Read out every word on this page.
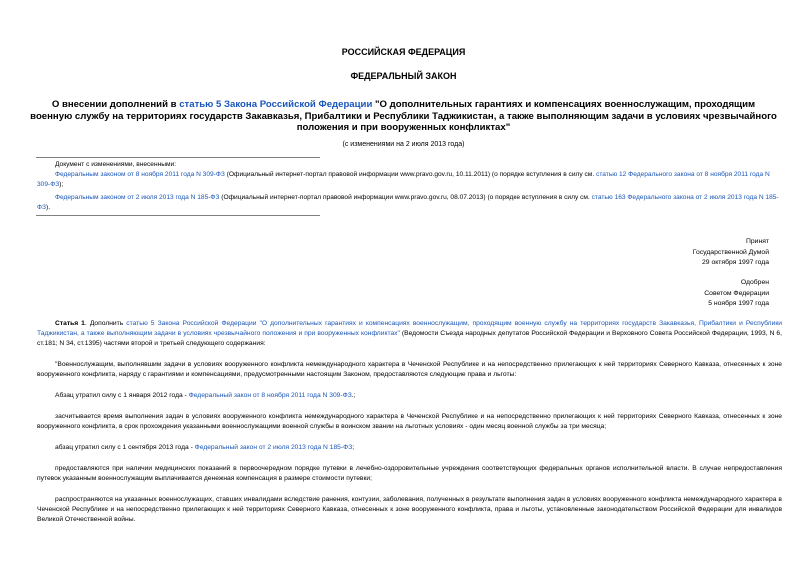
РОССИЙСКАЯ ФЕДЕРАЦИЯ
ФЕДЕРАЛЬНЫЙ ЗАКОН
О внесении дополнений в статью 5 Закона Российской Федерации "О дополнительных гарантиях и компенсациях военнослужащим, проходящим военную службу на территориях государств Закавказья, Прибалтики и Республики Таджикистан, а также выполняющим задачи в условиях чрезвычайного положения и при вооруженных конфликтах"
(с изменениями на 2 июля 2013 года)

Документ с изменениями, внесенными:

Федеральным законом от 8 ноября 2011 года N 309-ФЗ (Официальный интернет-портал правовой информации www.pravo.gov.ru, 10.11.2011) (о порядке вступления в силу см. статью 12 Федерального закона от 8 ноября 2011 года N 309-ФЗ);

Федеральным законом от 2 июля 2013 года N 185-ФЗ (Официальный интернет-портал правовой информации www.pravo.gov.ru, 08.07.2013) (о порядке вступления в силу см. статью 163 Федерального закона от 2 июля 2013 года N 185-ФЗ).

Принят
Государственной Думой
29 октября 1997 года
Одобрен
Советом Федерации
5 ноября 1997 года

Статья 1. Дополнить статью 5 Закона Российской Федерации "О дополнительных гарантиях и компенсациях военнослужащим, проходящим военную службу на территориях государств Закавказья, Прибалтики и Республики Таджикистан, а также выполняющим задачи в условиях чрезвычайного положения и при вооруженных конфликтах" (Ведомости Съезда народных депутатов Российской Федерации и Верховного Совета Российской Федерации, 1993, N 6, ст.181; N 34, ст.1395) частями второй и третьей следующего содержания:

"Военнослужащим, выполнявшим задачи в условиях вооруженного конфликта немеждународного характера в Чеченской Республике и на непосредственно прилегающих к ней территориях Северного Кавказа, отнесенных к зоне вооруженного конфликта, наряду с гарантиями и компенсациями, предусмотренными настоящим Законом, предоставляются следующие права и льготы:

Абзац утратил силу с 1 января 2012 года - Федеральный закон от 8 ноября 2011 года N 309-ФЗ.;

засчитывается время выполнения задач в условиях вооруженного конфликта немеждународного характера в Чеченской Республике и на непосредственно прилегающих к ней территориях Северного Кавказа, отнесенных к зоне вооруженного конфликта, в срок прохождения указанными военнослужащими военной службы в воинском звании на льготных условиях - один месяц военной службы за три месяца;

абзац утратил силу с 1 сентября 2013 года - Федеральный закон от 2 июля 2013 года N 185-ФЗ;

предоставляются при наличии медицинских показаний в первоочередном порядке путевки в лечебно-оздоровительные учреждения соответствующих федеральных органов исполнительной власти. В случае непредоставления путевок указанным военнослужащим выплачивается денежная компенсация в размере стоимости путевки;

распространяются на указанных военнослужащих, ставших инвалидами вследствие ранения, контузии, заболевания, полученных в результате выполнения задач в условиях вооруженного конфликта немеждународного характера в Чеченской Республике и на непосредственно прилегающих к ней территориях Северного Кавказа, отнесенных к зоне вооруженного конфликта, права и льготы, установленные законодательством Российской Федерации для инвалидов Великой Отечественной войны.
